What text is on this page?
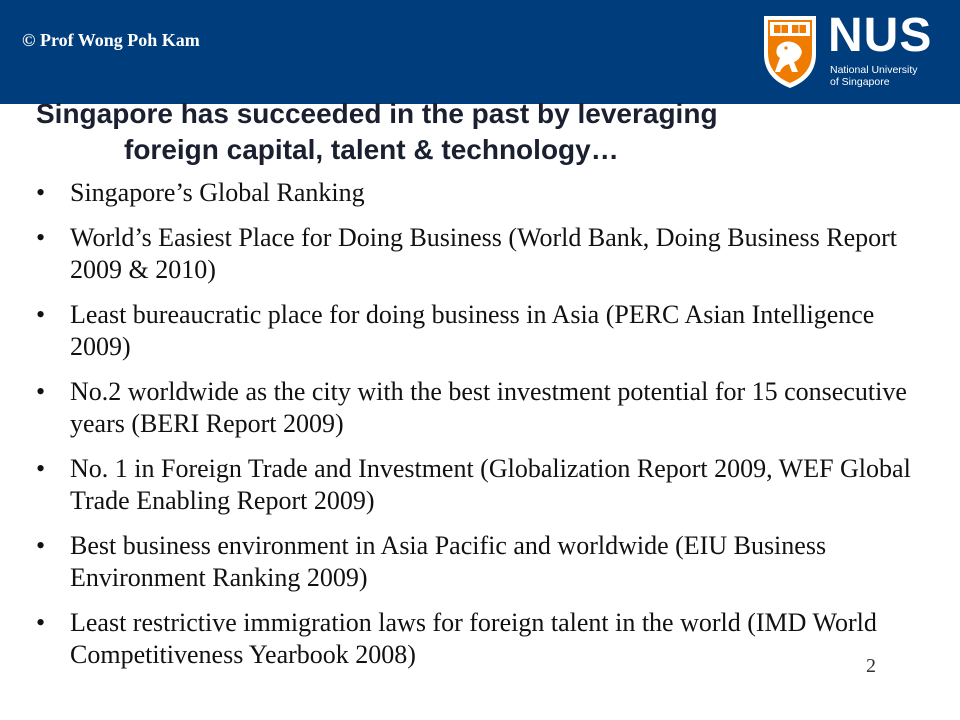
© Prof Wong Poh Kam	NUS
National University
of Singapore
Singapore has succeeded in the past by leveraging
foreign capital, talent & technology…
• Singapore’s Global Ranking
• World’s Easiest Place for Doing Business (World Bank, Doing Business Report 2009 & 2010)
• Least bureaucratic place for doing business in Asia (PERC Asian Intelligence 2009)
• No.2 worldwide as the city with the best investment potential for 15 consecutive years (BERI Report 2009)
• No. 1 in Foreign Trade and Investment (Globalization Report 2009, WEF Global Trade Enabling Report 2009)
• Best business environment in Asia Pacific and worldwide (EIU Business Environment Ranking 2009)
• Least restrictive immigration laws for foreign talent in the world (IMD World Competitiveness Yearbook 2008)	2
